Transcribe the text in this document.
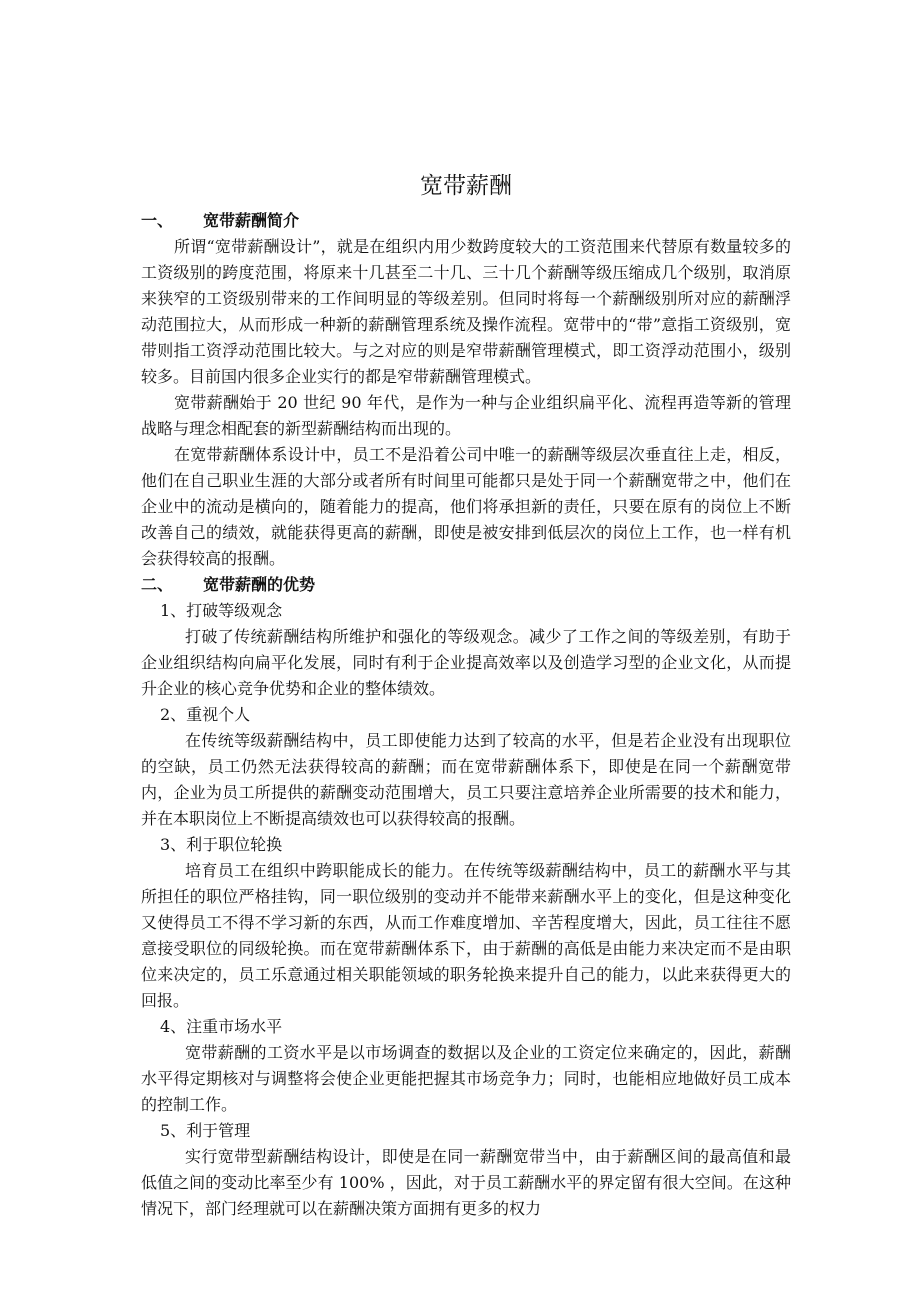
宽带薪酬
一、 宽带薪酬简介

所谓“宽带薪酬设计”，就是在组织内用少数跨度较大的工资范围来代替原有数量较多的工资级别的跨度范围，将原来十几甚至二十几、三十几个薪酬等级压缩成几个级别，取消原来狭窄的工资级别带来的工作间明显的等级差别。但同时将每一个薪酬级别所对应的薪酬浮动范围拉大，从而形成一种新的薪酬管理系统及操作流程。宽带中的“带”意指工资级别，宽带则指工资浮动范围比较大。与之对应的则是窄带薪酬管理模式，即工资浮动范围小，级别较多。目前国内很多企业实行的都是窄带薪酬管理模式。

宽带薪酬始于 20 世纪 90 年代，是作为一种与企业组织扁平化、流程再造等新的管理战略与理念相配套的新型薪酬结构而出现的。

在宽带薪酬体系设计中，员工不是沿着公司中唯一的薪酬等级层次垂直往上走，相反，他们在自己职业生涯的大部分或者所有时间里可能都只是处于同一个薪酬宽带之中，他们在企业中的流动是横向的，随着能力的提高，他们将承担新的责任，只要在原有的岗位上不断改善自己的绩效，就能获得更高的薪酬，即使是被安排到低层次的岗位上工作，也一样有机会获得较高的报酬。

二、 宽带薪酬的优势
1、打破等级观念

打破了传统薪酬结构所维护和强化的等级观念。减少了工作之间的等级差别，有助于企业组织结构向扁平化发展，同时有利于企业提高效率以及创造学习型的企业文化，从而提升企业的核心竞争优势和企业的整体绩效。

2、重视个人

在传统等级薪酬结构中，员工即使能力达到了较高的水平，但是若企业没有出现职位的空缺，员工仍然无法获得较高的薪酬；而在宽带薪酬体系下，即使是在同一个薪酬宽带内，企业为员工所提供的薪酬变动范围增大，员工只要注意培养企业所需要的技术和能力，并在本职岗位上不断提高绩效也可以获得较高的报酬。

3、利于职位轮换

培育员工在组织中跨职能成长的能力。在传统等级薪酬结构中，员工的薪酬水平与其所担任的职位严格挂钩，同一职位级别的变动并不能带来薪酬水平上的变化，但是这种变化又使得员工不得不学习新的东西，从而工作难度增加、辛苦程度增大，因此，员工往往不愿意接受职位的同级轮换。而在宽带薪酬体系下，由于薪酬的高低是由能力来决定而不是由职位来决定的，员工乐意通过相关职能领域的职务轮换来提升自己的能力，以此来获得更大的回报。

4、注重市场水平

宽带薪酬的工资水平是以市场调查的数据以及企业的工资定位来确定的，因此，薪酬水平得定期核对与调整将会使企业更能把握其市场竞争力；同时，也能相应地做好员工成本的控制工作。

5、利于管理

实行宽带型薪酬结构设计，即使是在同一薪酬宽带当中，由于薪酬区间的最高值和最低值之间的变动比率至少有 100% ，因此，对于员工薪酬水平的界定留有很大空间。在这种情况下，部门经理就可以在薪酬决策方面拥有更多的权力
